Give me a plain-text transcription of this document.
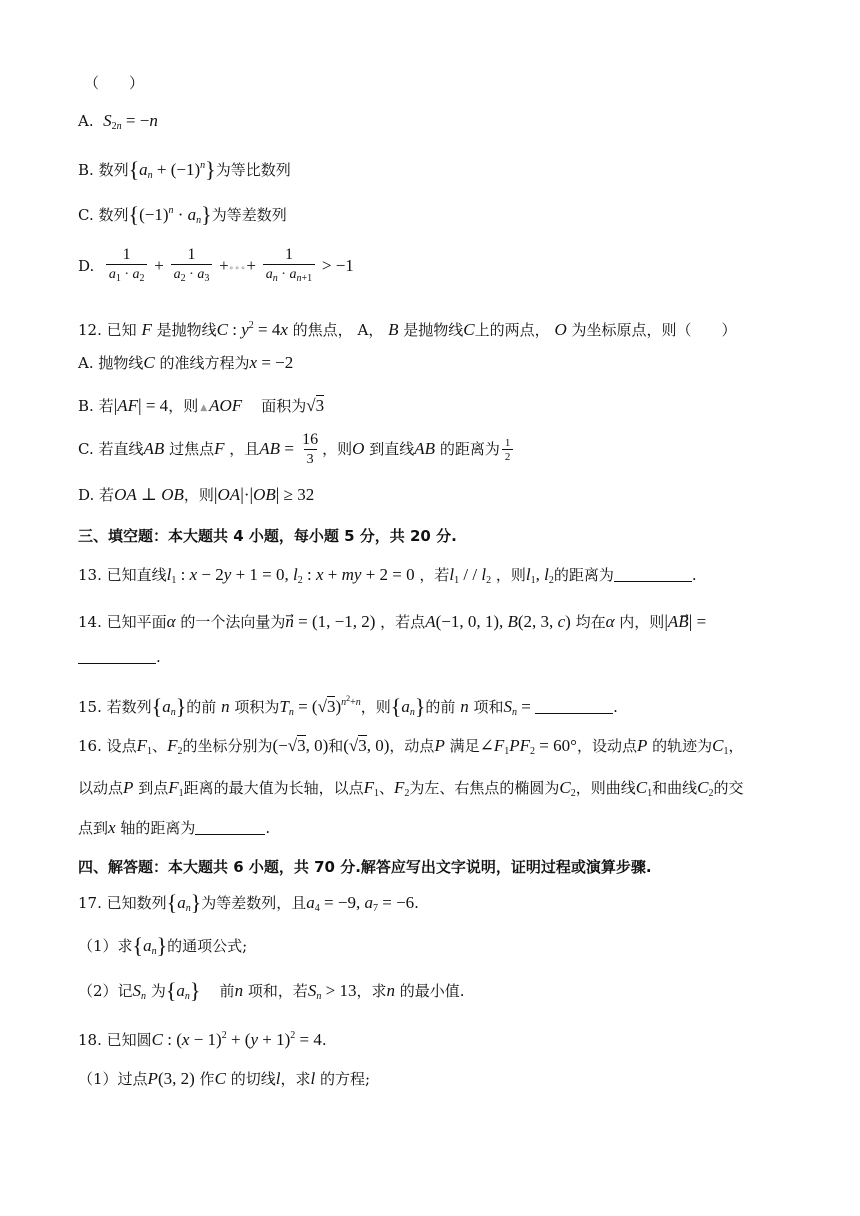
（　　）
A. $S_{2n} = -n$
B. 数列$\{a_n + (-1)^n\}$为等比数列
C. 数列$\{(-1)^n \cdot a_n\}$为等差数列
D. $\frac{1}{a_1 \cdot a_2} + \frac{1}{a_2 \cdot a_3}$ +∘∘∘+ $\frac{1}{a_n \cdot a_{n+1}} > -1$
12. 已知 F 是抛物线C : $y^2 = 4x$ 的焦点， A， B 是抛物线C上的两点， O 为坐标原点，则（　　）
A. 抛物线C 的准线方程为x = −2
B. 若|AF| = 4，则 ▲ AOF 面积为√3
C. 若直线AB 过焦点F ，且AB = $\frac{16}{3}$ ，则O 到直线AB 的距离为 $\frac{1}{2}$
D. 若OA ⊥ OB，则|OA|·|OB| ≥ 32
三、填空题：本大题共 4 小题，每小题 5 分，共 20 分.
13. 已知直线$l_1$ : x − 2y + 1 = 0, $l_2$ : x + my + 2 = 0 ，若$l_1$ / / $l_2$ ，则$l_1$, $l_2$的距离为	.
14. 已知平面α 的一个法向量为n⃗ = (1, −1, 2) ，若点A(−1, 0, 1), B(2, 3, c) 均在α 内，则|AB| =
.
15. 若数列$\{a_n\}$的前 n 项积为$T_n = (√3)^{n^2+n}$，则$\{a_n\}$的前 n 项和$S_n$ =	.
16. 设点$F_1$、$F_2$的坐标分别为(−√3, 0)和(√3, 0)，动点P 满足$\angle F_1PF_2 = 60^\circ$，设动点P 的轨迹为$C_1$，
以动点P 到点$F_1$距离的最大值为长轴，以点$F_1$、$F_2$为左、右焦点的椭圆为$C_2$，则曲线$C_1$和曲线$C_2$的交
点到x 轴的距离为	.
四、解答题：本大题共 6 小题，共 70 分.解答应写出文字说明，证明过程或演算步骤.
17. 已知数列$\{a_n\}$为等差数列，且$a_4 = -9$, $a_7 = -6$.
（1）求$\{a_n\}$的通项公式;
（2）记$S_n$ 为$\{a_n\}$ 前n 项和，若$S_n > 13$，求n 的最小值.
18. 已知圆C : $(x - 1)^2 + (y + 1)^2 = 4$.
（1）过点P(3, 2) 作C 的切线l，求l 的方程;
